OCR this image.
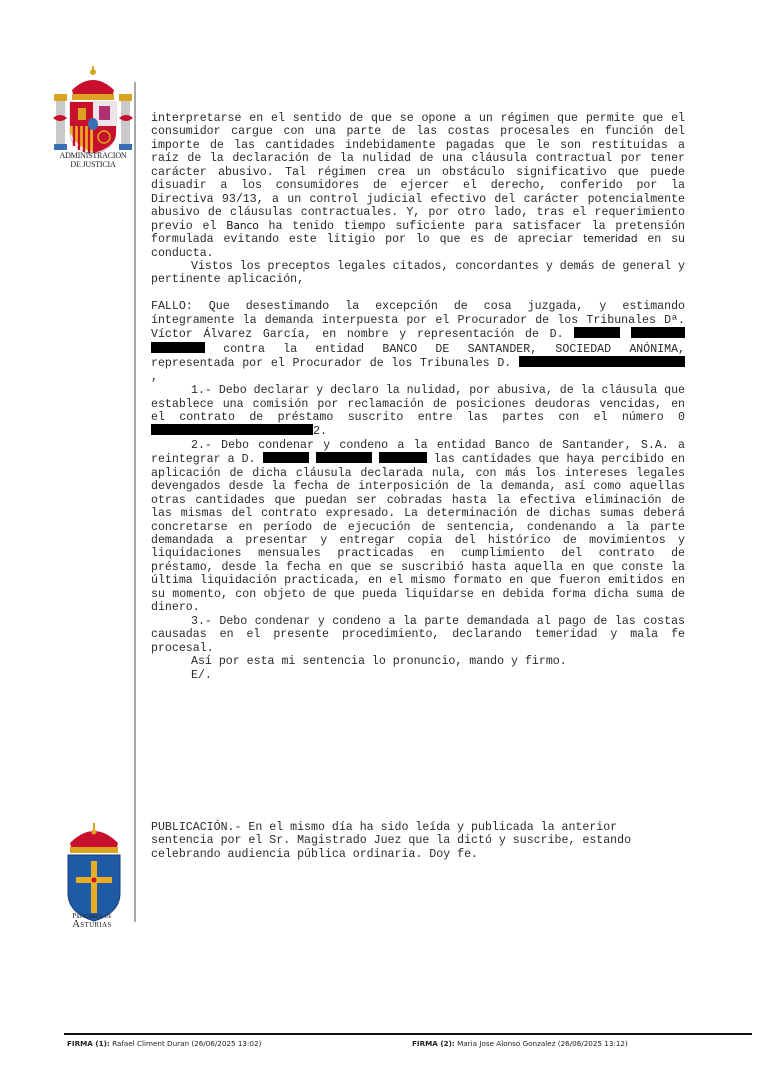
ADMINISTRACION
DE JUSTICIA

interpretarse en el sentido de que se opone a un régimen que permite que el consumidor cargue con una parte de las costas procesales en función del importe de las cantidades indebidamente pagadas que le son restituidas a raíz de la declaración de la nulidad de una cláusula contractual por tener carácter abusivo. Tal régimen crea un obstáculo significativo que puede disuadir a los consumidores de ejercer el derecho, conferido por la Directiva 93/13, a un control judicial efectivo del carácter potencialmente abusivo de cláusulas contractuales. Y, por otro lado, tras el requerimiento previo el Banco ha tenido tiempo suficiente para satisfacer la pretensión formulada evitando este litigio por lo que es de apreciar temeridad en su conducta.

Vistos los preceptos legales citados, concordantes y demás de general y pertinente aplicación,

FALLO: Que desestimando la excepción de cosa juzgada, y estimando íntegramente la demanda interpuesta por el Procurador de los Tribunales Dª. Víctor Álvarez García, en nombre y representación de D.    contra la entidad BANCO DE SANTANDER, SOCIEDAD ANÓNIMA, representada por el Procurador de los Tribunales D. ,

1.- Debo declarar y declaro la nulidad, por abusiva, de la cláusula que establece una comisión por reclamación de posiciones deudoras vencidas, en el contrato de préstamo suscrito entre las partes con el número 02.

2.- Debo condenar y condeno a la entidad Banco de Santander, S.A. a reintegrar a D.	las cantidades que haya percibido en aplicación de dicha cláusula declarada nula, con más los intereses legales devengados desde la fecha de interposición de la demanda, así como aquellas otras cantidades que puedan ser cobradas hasta la efectiva eliminación de las mismas del contrato expresado. La determinación de dichas sumas deberá concretarse en período de ejecución de sentencia, condenando a la parte demandada a presentar y entregar copia del histórico de movimientos y liquidaciones mensuales practicadas en cumplimiento del contrato de préstamo, desde la fecha en que se suscribió hasta aquella en que conste la última liquidación practicada, en el mismo formato en que fueron emitidos en su momento, con objeto de que pueda liquidarse en debida forma dicha suma de dinero.

3.- Debo condenar y condeno a la parte demandada al pago de las costas causadas en el presente procedimiento, declarando temeridad y mala fe procesal.

Así por esta mi sentencia lo pronuncio, mando y firmo.

E/.

Principado de
Asturias
PUBLICACIÓN.- En el mismo día ha sido leída y publicada la anterior sentencia por el Sr. Magistrado Juez que la dictó y suscribe, estando celebrando audiencia pública ordinaria. Doy fe.
FIRMA (1): Rafael Climent Duran (26/06/2025 13:02)	FIRMA (2): Maria Jose Alonso Gonzalez (26/06/2025 13:12)
